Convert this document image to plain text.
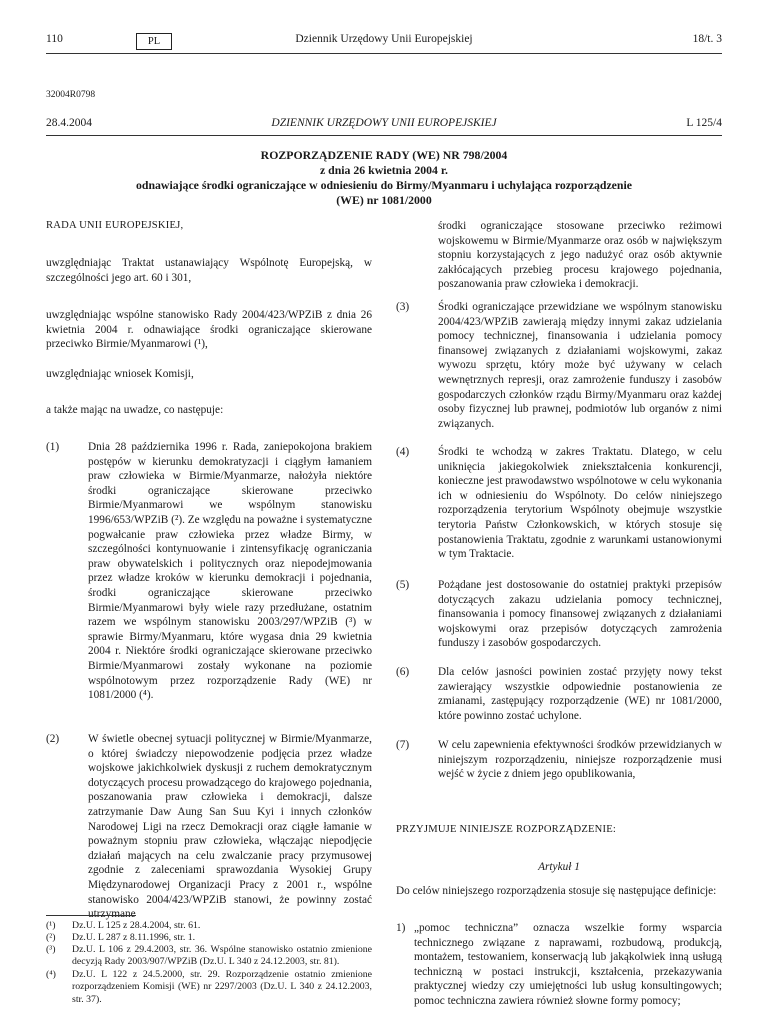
110	PL	Dziennik Urzędowy Unii Europejskiej	18/t. 3
32004R0798
28.4.2004	DZIENNIK URZĘDOWY UNII EUROPEJSKIEJ	L 125/4
ROZPORZĄDZENIE RADY (WE) NR 798/2004
z dnia 26 kwietnia 2004 r.
odnawiające środki ograniczające w odniesieniu do Birmy/Myanmaru i uchylająca rozporządzenie
(WE) nr 1081/2000
RADA UNII EUROPEJSKIEJ,
uwzględniając Traktat ustanawiający Wspólnotę Europejską, w szczególności jego art. 60 i 301,
uwzględniając wspólne stanowisko Rady 2004/423/WPZiB z dnia 26 kwietnia 2004 r. odnawiające środki ograniczające skierowane przeciwko Birmie/Myanmarowi (¹),
uwzględniając wniosek Komisji,
a także mając na uwadze, co następuje:
(1)	Dnia 28 października 1996 r. Rada, zaniepokojona brakiem postępów w kierunku demokratyzacji i ciągłym łamaniem praw człowieka w Birmie/Myanmarze, nałożyła niektóre środki ograniczające skierowane przeciwko Birmie/Myanmarowi we wspólnym stanowisku 1996/653/WPZiB (²). Ze względu na poważne i systematyczne pogwałcanie praw człowieka przez władze Birmy, w szczególności kontynuowanie i zintensyfikację ograniczania praw obywatelskich i politycznych oraz niepodejmowania przez władze kroków w kierunku demokracji i pojednania, środki ograniczające skierowane przeciwko Birmie/Myanmarowi były wiele razy przedłużane, ostatnim razem we wspólnym stanowisku 2003/297/WPZiB (³) w sprawie Birmy/Myanmaru, które wygasa dnia 29 kwietnia 2004 r. Niektóre środki ograniczające skierowane przeciwko Birmie/Myanmarowi zostały wykonane na poziomie wspólnotowym przez rozporządzenie Rady (WE) nr 1081/2000 (⁴).
(2)	W świetle obecnej sytuacji politycznej w Birmie/Myanmarze, o której świadczy niepowodzenie podjęcia przez władze wojskowe jakichkolwiek dyskusji z ruchem demokratycznym dotyczących procesu prowadzącego do krajowego pojednania, poszanowania praw człowieka i demokracji, dalsze zatrzymanie Daw Aung San Suu Kyi i innych członków Narodowej Ligi na rzecz Demokracji oraz ciągłe łamanie w poważnym stopniu praw człowieka, włączając niepodjęcie działań mających na celu zwalczanie pracy przymusowej zgodnie z zaleceniami sprawozdania Wysokiej Grupy Międzynarodowej Organizacji Pracy z 2001 r., wspólne stanowisko 2004/423/WPZiB stanowi, że powinny zostać utrzymane
(¹) Dz.U. L 125 z 28.4.2004, str. 61.
(²) Dz.U. L 287 z 8.11.1996, str. 1.
(³) Dz.U. L 106 z 29.4.2003, str. 36. Wspólne stanowisko ostatnio zmienione decyzją Rady 2003/907/WPZiB (Dz.U. L 340 z 24.12.2003, str. 81).
(⁴) Dz.U. L 122 z 24.5.2000, str. 29. Rozporządzenie ostatnio zmienione rozporządzeniem Komisji (WE) nr 2297/2003 (Dz.U. L 340 z 24.12.2003, str. 37).
środki ograniczające stosowane przeciwko reżimowi wojskowemu w Birmie/Myanmarze oraz osób w największym stopniu korzystających z jego nadużyć oraz osób aktywnie zakłócających przebieg procesu krajowego pojednania, poszanowania praw człowieka i demokracji.
(3)	Środki ograniczające przewidziane we wspólnym stanowisku 2004/423/WPZiB zawierają między innymi zakaz udzielania pomocy technicznej, finansowania i udzielania pomocy finansowej związanych z działaniami wojskowymi, zakaz wywozu sprzętu, który może być używany w celach wewnętrznych represji, oraz zamrożenie funduszy i zasobów gospodarczych członków rządu Birmy/Myanmaru oraz każdej osoby fizycznej lub prawnej, podmiotów lub organów z nimi związanych.
(4)	Środki te wchodzą w zakres Traktatu. Dlatego, w celu uniknięcia jakiegokolwiek zniekształcenia konkurencji, konieczne jest prawodawstwo wspólnotowe w celu wykonania ich w odniesieniu do Wspólnoty. Do celów niniejszego rozporządzenia terytorium Wspólnoty obejmuje wszystkie terytoria Państw Członkowskich, w których stosuje się postanowienia Traktatu, zgodnie z warunkami ustanowionymi w tym Traktacie.
(5)	Pożądane jest dostosowanie do ostatniej praktyki przepisów dotyczących zakazu udzielania pomocy technicznej, finansowania i pomocy finansowej związanych z działaniami wojskowymi oraz przepisów dotyczących zamrożenia funduszy i zasobów gospodarczych.
(6)	Dla celów jasności powinien zostać przyjęty nowy tekst zawierający wszystkie odpowiednie postanowienia ze zmianami, zastępujący rozporządzenie (WE) nr 1081/2000, które powinno zostać uchylone.
(7)	W celu zapewnienia efektywności środków przewidzianych w niniejszym rozporządzeniu, niniejsze rozporządzenie musi wejść w życie z dniem jego opublikowania,
PRZYJMUJE NINIEJSZE ROZPORZĄDZENIE:
Artykuł 1
Do celów niniejszego rozporządzenia stosuje się następujące definicje:
1) „pomoc techniczna” oznacza wszelkie formy wsparcia technicznego związane z naprawami, rozbudową, produkcją, montażem, testowaniem, konserwacją lub jakąkolwiek inną usługą techniczną w postaci instrukcji, kształcenia, przekazywania praktycznej wiedzy czy umiejętności lub usług konsultingowych; pomoc techniczna zawiera również słowne formy pomocy;
